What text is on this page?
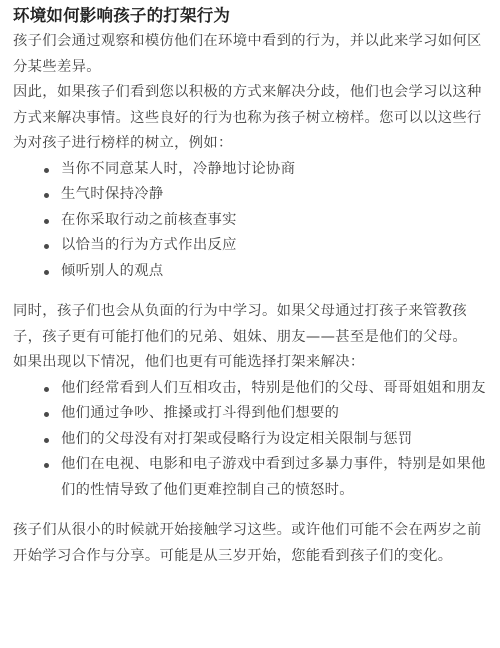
环境如何影响孩子的打架行为

孩子们会通过观察和模仿他们在环境中看到的行为，并以此来学习如何区分某些差异。

因此，如果孩子们看到您以积极的方式来解决分歧，他们也会学习以这种方式来解决事情。这些良好的行为也称为孩子树立榜样。您可以以这些行为对孩子进行榜样的树立，例如：

当你不同意某人时，冷静地讨论协商
生气时保持冷静
在你采取行动之前核查事实
以恰当的行为方式作出反应
倾听别人的观点

同时，孩子们也会从负面的行为中学习。如果父母通过打孩子来管教孩子，孩子更有可能打他们的兄弟、姐妹、朋友——甚至是他们的父母。

如果出现以下情况，他们也更有可能选择打架来解决：

他们经常看到人们互相攻击，特别是他们的父母、哥哥姐姐和朋友
他们通过争吵、推搡或打斗得到他们想要的
他们的父母没有对打架或侵略行为设定相关限制与惩罚
他们在电视、电影和电子游戏中看到过多暴力事件，特别是如果他们的性情导致了他们更难控制自己的愤怒时。

孩子们从很小的时候就开始接触学习这些。或许他们可能不会在两岁之前开始学习合作与分享。可能是从三岁开始，您能看到孩子们的变化。
